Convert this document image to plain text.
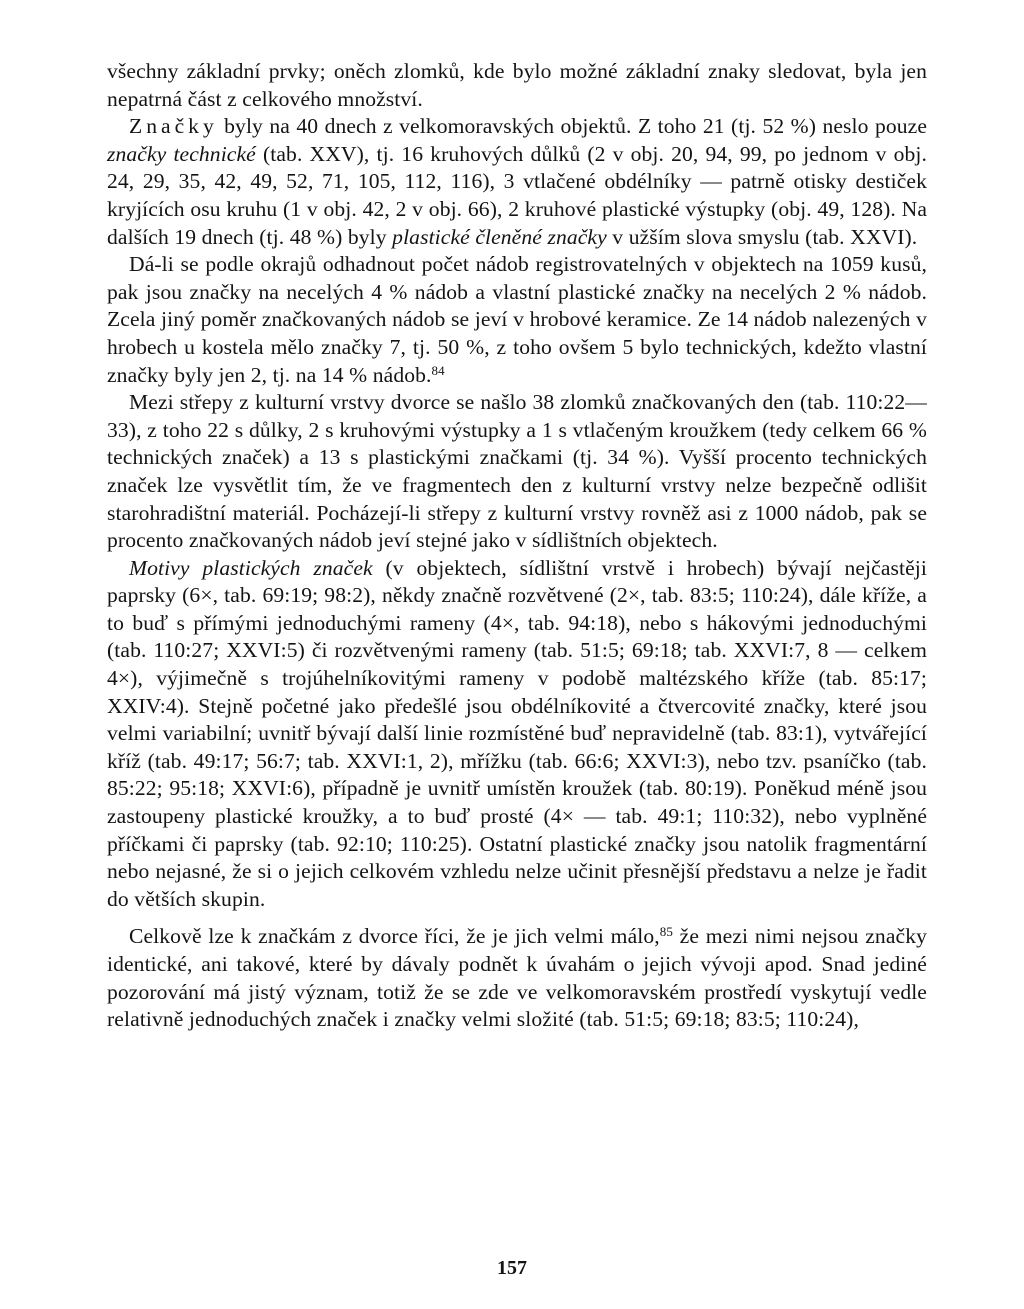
všechny základní prvky; oněch zlomků, kde bylo možné základní znaky sledovat, byla jen nepatrná část z celkového množství.

Značky byly na 40 dnech z velkomoravských objektů. Z toho 21 (tj. 52 %) neslo pouze značky technické (tab. XXV), tj. 16 kruhových důlků (2 v obj. 20, 94, 99, po jednom v obj. 24, 29, 35, 42, 49, 52, 71, 105, 112, 116), 3 vtlačené obdélníky — patrně otisky destiček kryjících osu kruhu (1 v obj. 42, 2 v obj. 66), 2 kruhové plastické výstupky (obj. 49, 128). Na dalších 19 dnech (tj. 48 %) byly plastické členěné značky v užším slova smyslu (tab. XXVI).

Dá-li se podle okrajů odhadnout počet nádob registrovatelných v objektech na 1059 kusů, pak jsou značky na necelých 4 % nádob a vlastní plastické značky na necelých 2 % nádob. Zcela jiný poměr značkovaných nádob se jeví v hrobové keramice. Ze 14 nádob nalezených v hrobech u kostela mělo značky 7, tj. 50 %, z toho ovšem 5 bylo technických, kdežto vlastní značky byly jen 2, tj. na 14 % nádob.$^{84}$

Mezi střepy z kulturní vrstvy dvorce se našlo 38 zlomků značkovaných den (tab. 110:22—33), z toho 22 s důlky, 2 s kruhovými výstupky a 1 s vtlačeným kroužkem (tedy celkem 66 % technických značek) a 13 s plastickými značkami (tj. 34 %). Vyšší procento technických značek lze vysvětlit tím, že ve fragmentech den z kulturní vrstvy nelze bezpečně odlišit starohradištní materiál. Pocházejí-li střepy z kulturní vrstvy rovněž asi z 1000 nádob, pak se procento značkovaných nádob jeví stejné jako v sídlištních objektech.

Motivy plastických značek (v objektech, sídlištní vrstvě i hrobech) bývají nejčastěji paprsky (6×, tab. 69:19; 98:2), někdy značně rozvětvené (2×, tab. 83:5; 110:24), dále kříže, a to buď s přímými jednoduchými rameny (4×, tab. 94:18), nebo s hákovými jednoduchými (tab. 110:27; XXVI:5) či rozvětvenými rameny (tab. 51:5; 69:18; tab. XXVI:7, 8 — celkem 4×), výjimečně s trojúhelníkovitými rameny v podobě maltézského kříže (tab. 85:17; XXIV:4). Stejně početné jako předešlé jsou obdélníkovité a čtvercovité značky, které jsou velmi variabilní; uvnitř bývají další linie rozmístěné buď nepravidelně (tab. 83:1), vytvářející kříž (tab. 49:17; 56:7; tab. XXVI:1, 2), mřížku (tab. 66:6; XXVI:3), nebo tzv. psaníčko (tab. 85:22; 95:18; XXVI:6), případně je uvnitř umístěn kroužek (tab. 80:19). Poněkud méně jsou zastoupeny plastické kroužky, a to buď prosté (4× — tab. 49:1; 110:32), nebo vyplněné příčkami či paprsky (tab. 92:10; 110:25). Ostatní plastické značky jsou natolik fragmentární nebo nejasné, že si o jejich celkovém vzhledu nelze učinit přesnější představu a nelze je řadit do větších skupin.

Celkově lze k značkám z dvorce říci, že je jich velmi málo,$^{85}$ že mezi nimi nejsou značky identické, ani takové, které by dávaly podnět k úvahám o jejich vývoji apod. Snad jediné pozorování má jistý význam, totiž že se zde ve velkomoravském prostředí vyskytují vedle relativně jednoduchých značek i značky velmi složité (tab. 51:5; 69:18; 83:5; 110:24),

157
